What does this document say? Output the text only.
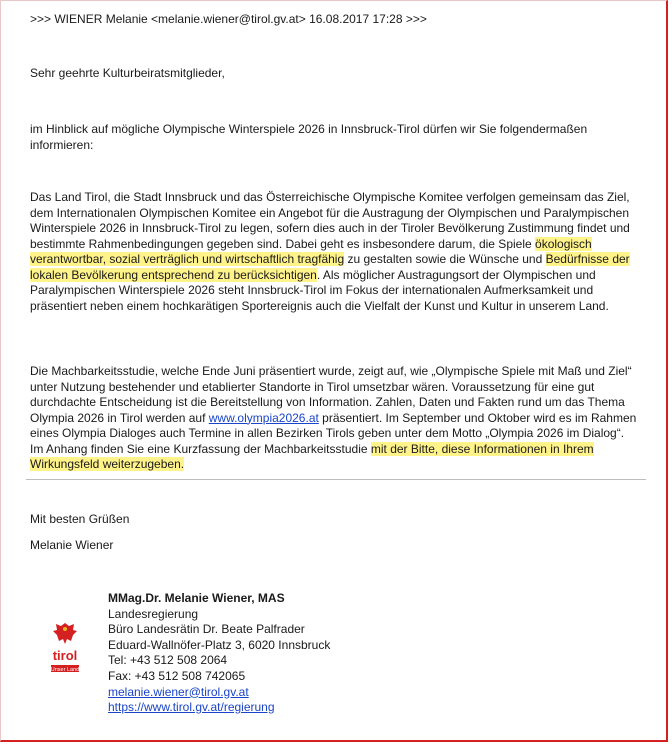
>>> WIENER Melanie <melanie.wiener@tirol.gv.at> 16.08.2017 17:28 >>>

Sehr geehrte Kulturbeiratsmitglieder,

im Hinblick auf mögliche Olympische Winterspiele 2026 in Innsbruck-Tirol dürfen wir Sie folgendermaßen informieren:

Das Land Tirol, die Stadt Innsbruck und das Österreichische Olympische Komitee verfolgen gemeinsam das Ziel, dem Internationalen Olympischen Komitee ein Angebot für die Austragung der Olympischen und Paralympischen Winterspiele 2026 in Innsbruck-Tirol zu legen, sofern dies auch in der Tiroler Bevölkerung Zustimmung findet und bestimmte Rahmenbedingungen gegeben sind. Dabei geht es insbesondere darum, die Spiele ökologisch verantwortbar, sozial verträglich und wirtschaftlich tragfähig zu gestalten sowie die Wünsche und Bedürfnisse der lokalen Bevölkerung entsprechend zu berücksichtigen. Als möglicher Austragungsort der Olympischen und Paralympischen Winterspiele 2026 steht Innsbruck-Tirol im Fokus der internationalen Aufmerksamkeit und präsentiert neben einem hochkarätigen Sportereignis auch die Vielfalt der Kunst und Kultur in unserem Land.

Die Machbarkeitsstudie, welche Ende Juni präsentiert wurde, zeigt auf, wie „Olympische Spiele mit Maß und Ziel“ unter Nutzung bestehender und etablierter Standorte in Tirol umsetzbar wären. Voraussetzung für eine gut durchdachte Entscheidung ist die Bereitstellung von Information. Zahlen, Daten und Fakten rund um das Thema Olympia 2026 in Tirol werden auf www.olympia2026.at präsentiert. Im September und Oktober wird es im Rahmen eines Olympia Dialoges auch Termine in allen Bezirken Tirols geben unter dem Motto „Olympia 2026 im Dialog“. Im Anhang finden Sie eine Kurzfassung der Machbarkeitsstudie mit der Bitte, diese Informationen in Ihrem Wirkungsfeld weiterzugeben.

Mit besten Grüßen

Melanie Wiener

tirol
Unser Land
MMag.Dr. Melanie Wiener, MAS
Landesregierung
Büro Landesrätin Dr. Beate Palfrader
Eduard-Wallnöfer-Platz 3, 6020 Innsbruck
Tel: +43 512 508 2064
Fax: +43 512 508 742065
melanie.wiener@tirol.gv.at
https://www.tirol.gv.at/regierung
